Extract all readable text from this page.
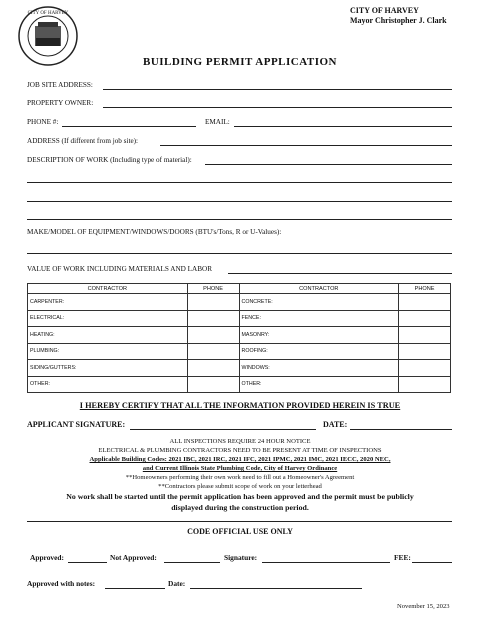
CITY OF HARVEY	CITY OF HARVEY
Mayor Christopher J. Clark
BUILDING PERMIT APPLICATION
JOB SITE ADDRESS:
PROPERTY OWNER:
PHONE #:	EMAIL:
ADDRESS (If different from job site):
DESCRIPTION OF WORK (Including type of material):
MAKE/MODEL OF EQUIPMENT/WINDOWS/DOORS (BTU's/Tons, R or U-Values):
VALUE OF WORK INCLUDING MATERIALS AND LABOR
CONTRACTOR	PHONE	CONTRACTOR	PHONE
CARPENTER:		CONCRETE:	
ELECTRICAL:		FENCE:	
HEATING:		MASONRY:	
PLUMBING:		ROOFING:	
SIDING/GUTTERS:		WINDOWS:	
OTHER:		OTHER:	
I HEREBY CERTIFY THAT ALL THE INFORMATION PROVIDED HEREIN IS TRUE
APPLICANT SIGNATURE:	DATE:
ALL INSPECTIONS REQUIRE 24 HOUR NOTICE
ELECTRICAL & PLUMBING CONTRACTORS NEED TO BE PRESENT AT TIME OF INSPECTIONS
Applicable Building Codes: 2021 IBC, 2021 IRC, 2021 IFC, 2021 IPMC, 2021 IMC, 2021 IECC, 2020 NEC,
and Current Illinois State Plumbing Code, City of Harvey Ordinance
**Homeowners performing their own work need to fill out a Homeowner's Agreement
**Contractors please submit scope of work on your letterhead
No work shall be started until the permit application has been approved and the permit must be publicly
displayed during the construction period.
CODE OFFICIAL USE ONLY
Approved:	Not Approved:	Signature:	FEE:
Approved with notes:	Date:
November 15, 2023
